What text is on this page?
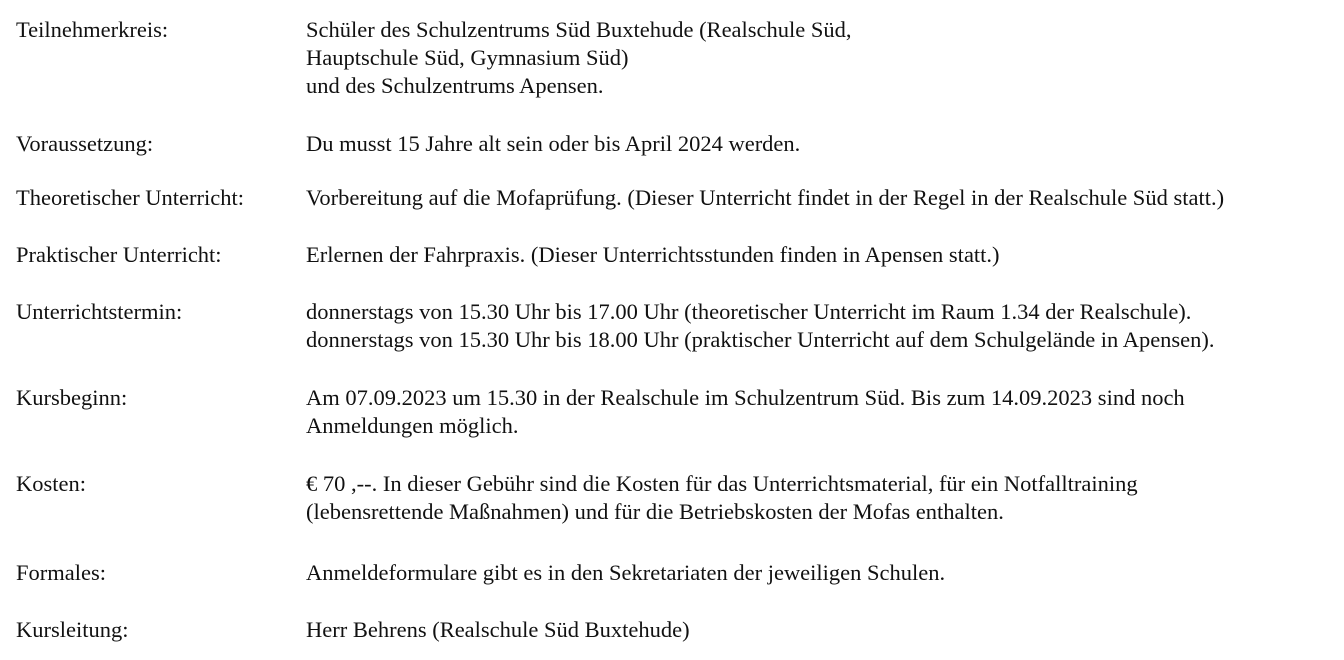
Teilnehmerkreis:	Schüler des Schulzentrums Süd Buxtehude (Realschule Süd,
Hauptschule Süd, Gymnasium Süd)
und des Schulzentrums Apensen.
Voraussetzung:	Du musst 15 Jahre alt sein oder bis April 2024 werden.
Theoretischer Unterricht:	Vorbereitung auf die Mofaprüfung. (Dieser Unterricht findet in der Regel in der Realschule Süd statt.)
Praktischer Unterricht:	Erlernen der Fahrpraxis. (Dieser Unterrichtsstunden finden in Apensen statt.)
Unterrichtstermin:	donnerstags von 15.30 Uhr bis 17.00 Uhr (theoretischer Unterricht im Raum 1.34 der Realschule).
donnerstags von 15.30 Uhr bis 18.00 Uhr (praktischer Unterricht auf dem Schulgelände in Apensen).
Kursbeginn:	Am 07.09.2023 um 15.30 in der Realschule im Schulzentrum Süd. Bis zum 14.09.2023 sind noch
Anmeldungen möglich.
Kosten:	€ 70 ,--. In dieser Gebühr sind die Kosten für das Unterrichtsmaterial, für ein Notfalltraining
(lebensrettende Maßnahmen) und für die Betriebskosten der Mofas enthalten.
Formales:	Anmeldeformulare gibt es in den Sekretariaten der jeweiligen Schulen.
Kursleitung:	Herr Behrens (Realschule Süd Buxtehude)
